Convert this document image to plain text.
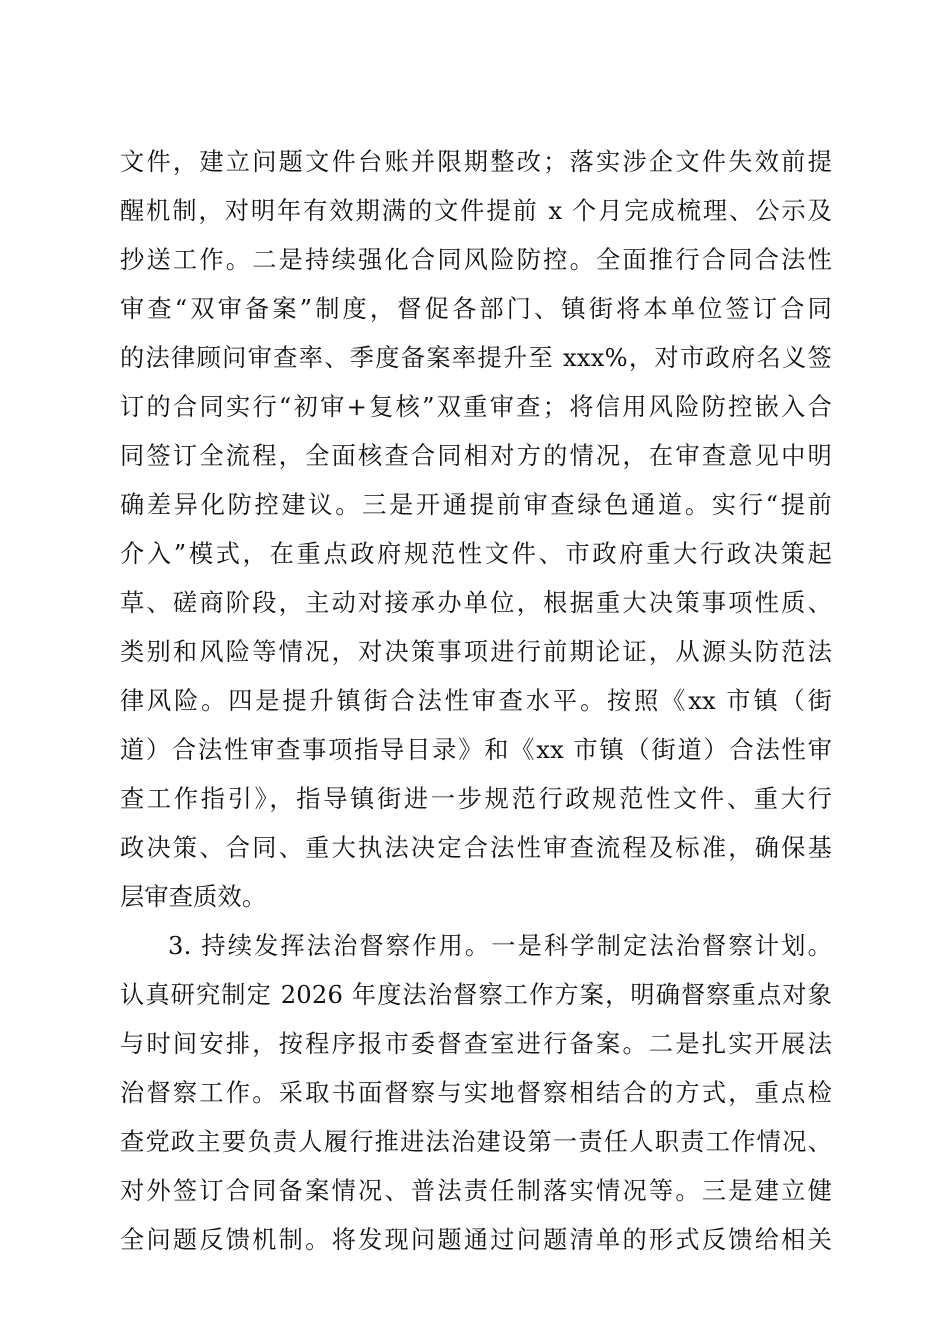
文件，建立问题文件台账并限期整改；落实涉企文件失效前提
醒机制，对明年有效期满的文件提前 x 个月完成梳理、公示及
抄送工作。二是持续强化合同风险防控。全面推行合同合法性
审查“双审备案”制度，督促各部门、镇街将本单位签订合同
的法律顾问审查率、季度备案率提升至 xxx%，对市政府名义签
订的合同实行“初审+复核”双重审查；将信用风险防控嵌入合
同签订全流程，全面核查合同相对方的情况，在审查意见中明
确差异化防控建议。三是开通提前审查绿色通道。实行“提前
介入”模式，在重点政府规范性文件、市政府重大行政决策起
草、磋商阶段，主动对接承办单位，根据重大决策事项性质、
类别和风险等情况，对决策事项进行前期论证，从源头防范法
律风险。四是提升镇街合法性审查水平。按照《xx 市镇（街
道）合法性审查事项指导目录》和《xx 市镇（街道）合法性审
查工作指引》，指导镇街进一步规范行政规范性文件、重大行
政决策、合同、重大执法决定合法性审查流程及标准，确保基
层审查质效。
3. 持续发挥法治督察作用。一是科学制定法治督察计划。
认真研究制定 2026 年度法治督察工作方案，明确督察重点对象
与时间安排，按程序报市委督查室进行备案。二是扎实开展法
治督察工作。采取书面督察与实地督察相结合的方式，重点检
查党政主要负责人履行推进法治建设第一责任人职责工作情况、
对外签订合同备案情况、普法责任制落实情况等。三是建立健
全问题反馈机制。将发现问题通过问题清单的形式反馈给相关
